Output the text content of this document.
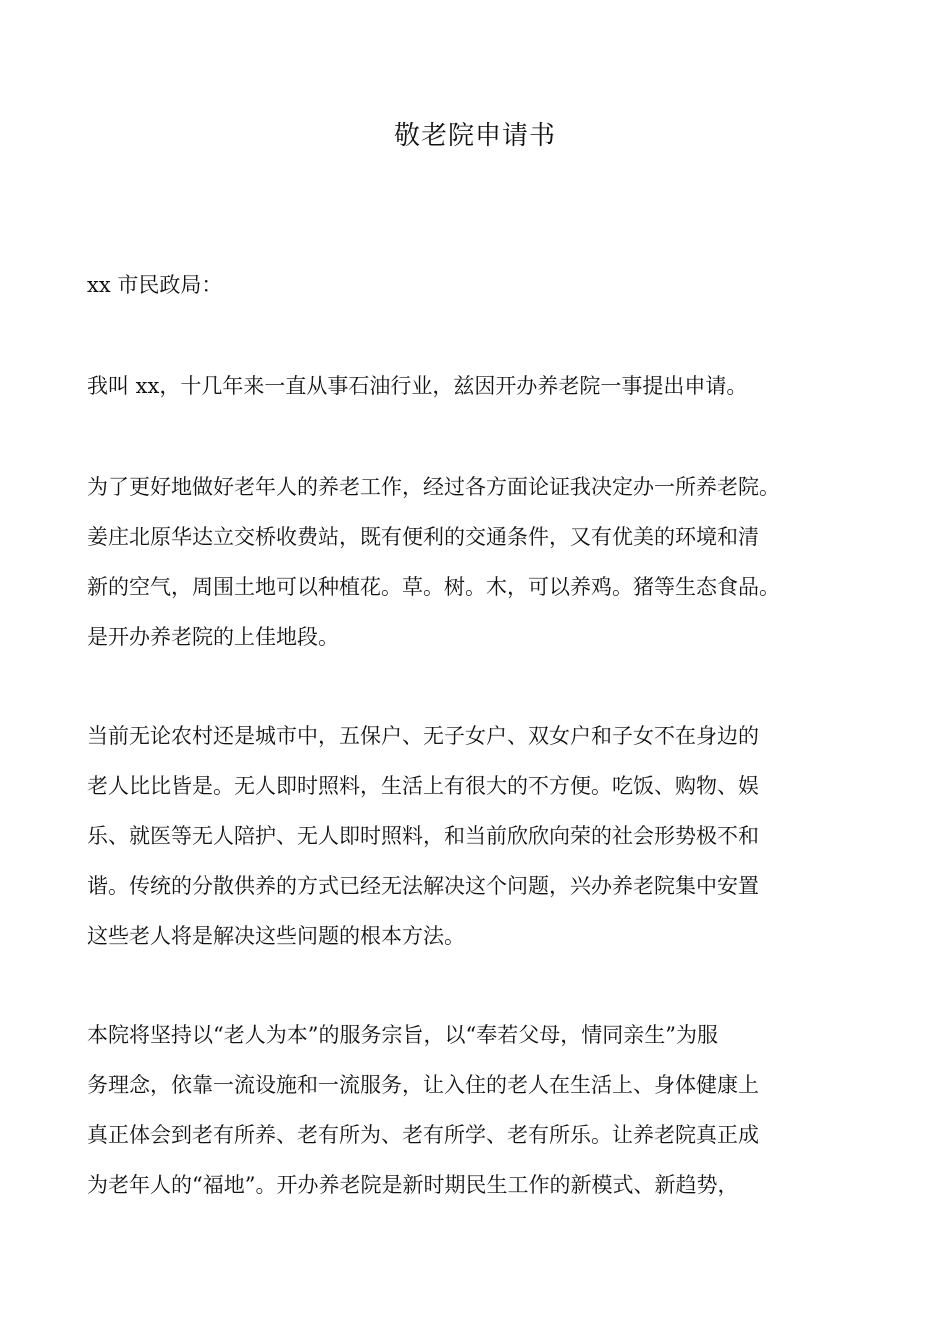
敬老院申请书
xx 市民政局：

我叫 xx，十几年来一直从事石油行业，兹因开办养老院一事提出申请。

为了更好地做好老年人的养老工作，经过各方面论证我决定办一所养老院。
姜庄北原华达立交桥收费站，既有便利的交通条件，又有优美的环境和清
新的空气，周围土地可以种植花。草。树。木，可以养鸡。猪等生态食品。
是开办养老院的上佳地段。

当前无论农村还是城市中，五保户、无子女户、双女户和子女不在身边的
老人比比皆是。无人即时照料，生活上有很大的不方便。吃饭、购物、娱
乐、就医等无人陪护、无人即时照料，和当前欣欣向荣的社会形势极不和
谐。传统的分散供养的方式已经无法解决这个问题，兴办养老院集中安置
这些老人将是解决这些问题的根本方法。

本院将坚持以“老人为本”的服务宗旨，以“奉若父母，情同亲生”为服
务理念，依靠一流设施和一流服务，让入住的老人在生活上、身体健康上
真正体会到老有所养、老有所为、老有所学、老有所乐。让养老院真正成
为老年人的“福地”。开办养老院是新时期民生工作的新模式、新趋势，
